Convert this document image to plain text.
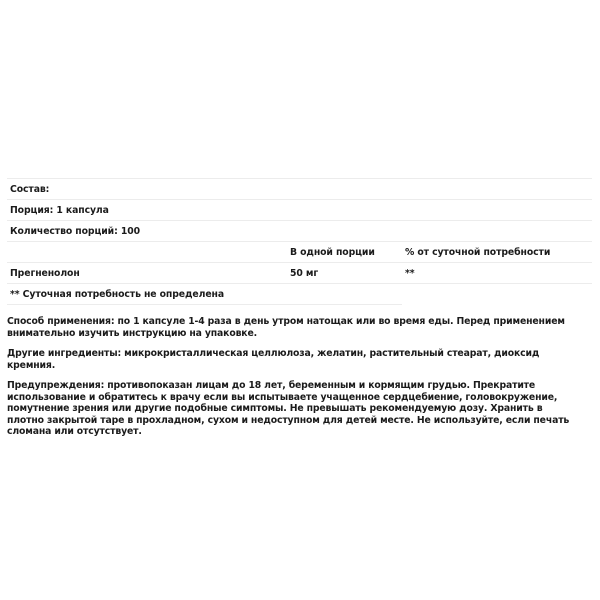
Состав:		
Порция: 1 капсула		
Количество порций: 100		
	В одной порции	% от суточной потребности
Прегненолон	50 мг	**
** Суточная потребность не определена		

Способ применения: по 1 капсуле 1-4 раза в день утром натощак или во время еды. Перед применением внимательно изучить инструкцию на упаковке.

Другие ингредиенты: микрокристаллическая целлюлоза, желатин, растительный стеарат, диоксид кремния.

Предупреждения: противопоказан лицам до 18 лет, беременным и кормящим грудью. Прекратите использование и обратитесь к врачу если вы испытываете учащенное сердцебиение, головокружение, помутнение зрения или другие подобные симптомы. Не превышать рекомендуемую дозу. Хранить в плотно закрытой таре в прохладном, сухом и недоступном для детей месте. Не используйте, если печать сломана или отсутствует.
